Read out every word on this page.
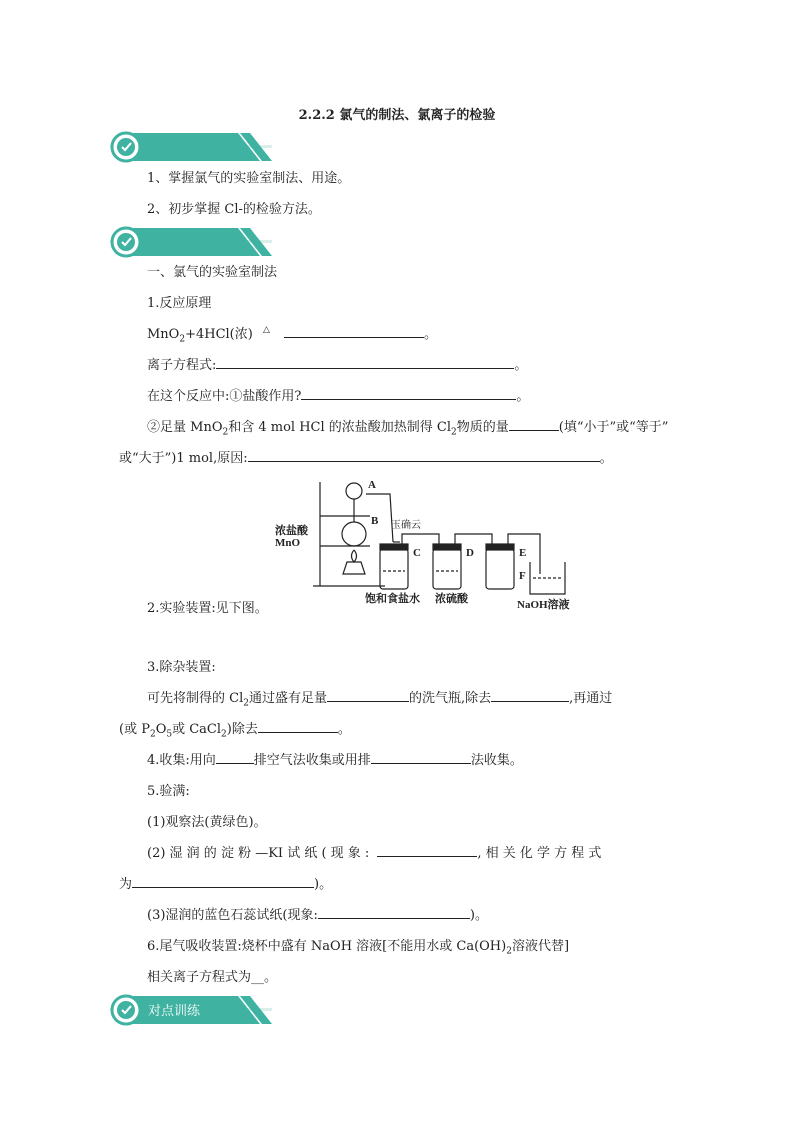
2.2.2 氯气的制法、氯离子的检验
1、掌握氯气的实验室制法、用途。
2、初步掌握 Cl-的检验方法。
一、氯气的实验室制法
1.反应原理
MnO$_2$+4HCl(浓) △	。
离子方程式:	。
在这个反应中:①盐酸作用?	。
②足量 MnO$_2$和含 4 mol HCl 的浓盐酸加热制得 $Cl_2$物质的量	(填“小于”或“等于”
或“大于”)1 mol,原因:	。
A
B
C	D	E
F
浓盐酸
MnO
玉确云
饱和食盐水 浓硫酸	NaOH溶液
2.实验装置:见下图。
3.除杂装置:
可先将制得的 $Cl_2$通过盛有足量	的洗气瓶,除去	,再通过
(或 $P_2O_5$或 CaCl$_2$)除去	。
4.收集:用向	排空气法收集或用排	法收集。
5.验满:
(1)观察法(黄绿色)。
(2) 湿 润 的 淀 粉 —KI 试 纸 ( 现 象 :	, 相 关 化 学 方 程 式
为	)。
(3)湿润的蓝色石蕊试纸(现象:	)。
6.尾气吸收装置:烧杯中盛有 NaOH 溶液[不能用水或 $Ca(OH)_2$溶液代替]
相关离子方程式为__。
对点训练
